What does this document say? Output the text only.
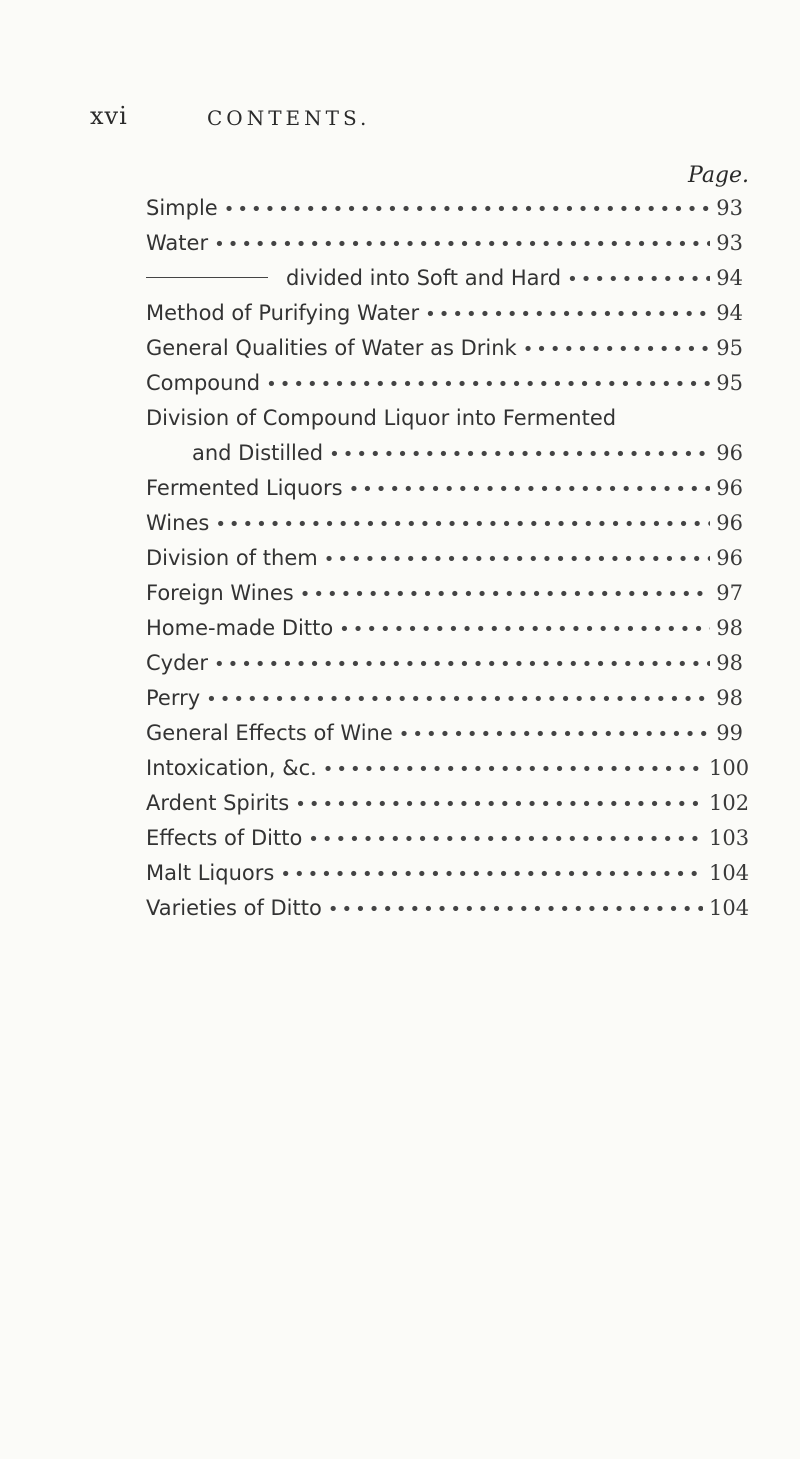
xvi	CONTENTS.
Page.
Simple •••••	93
Water •••••	93
divided into Soft and Hard •••••	94
Method of Purifying Water •••••	94
General Qualities of Water as Drink •••••	95
Compound •••••	95
Division of Compound Liquor into Fermented
and Distilled •••••	96
Fermented Liquors •••••	96
Wines •••••	96
Division of them •••••	96
Foreign Wines •••••	97
Home-made Ditto •••••	98
Cyder •••••	98
Perry •••••	98
General Effects of Wine •••••	99
Intoxication, &c. •••••	100
Ardent Spirits •••••	102
Effects of Ditto •••••	103
Malt Liquors •••••	104
Varieties of Ditto •••••	104
